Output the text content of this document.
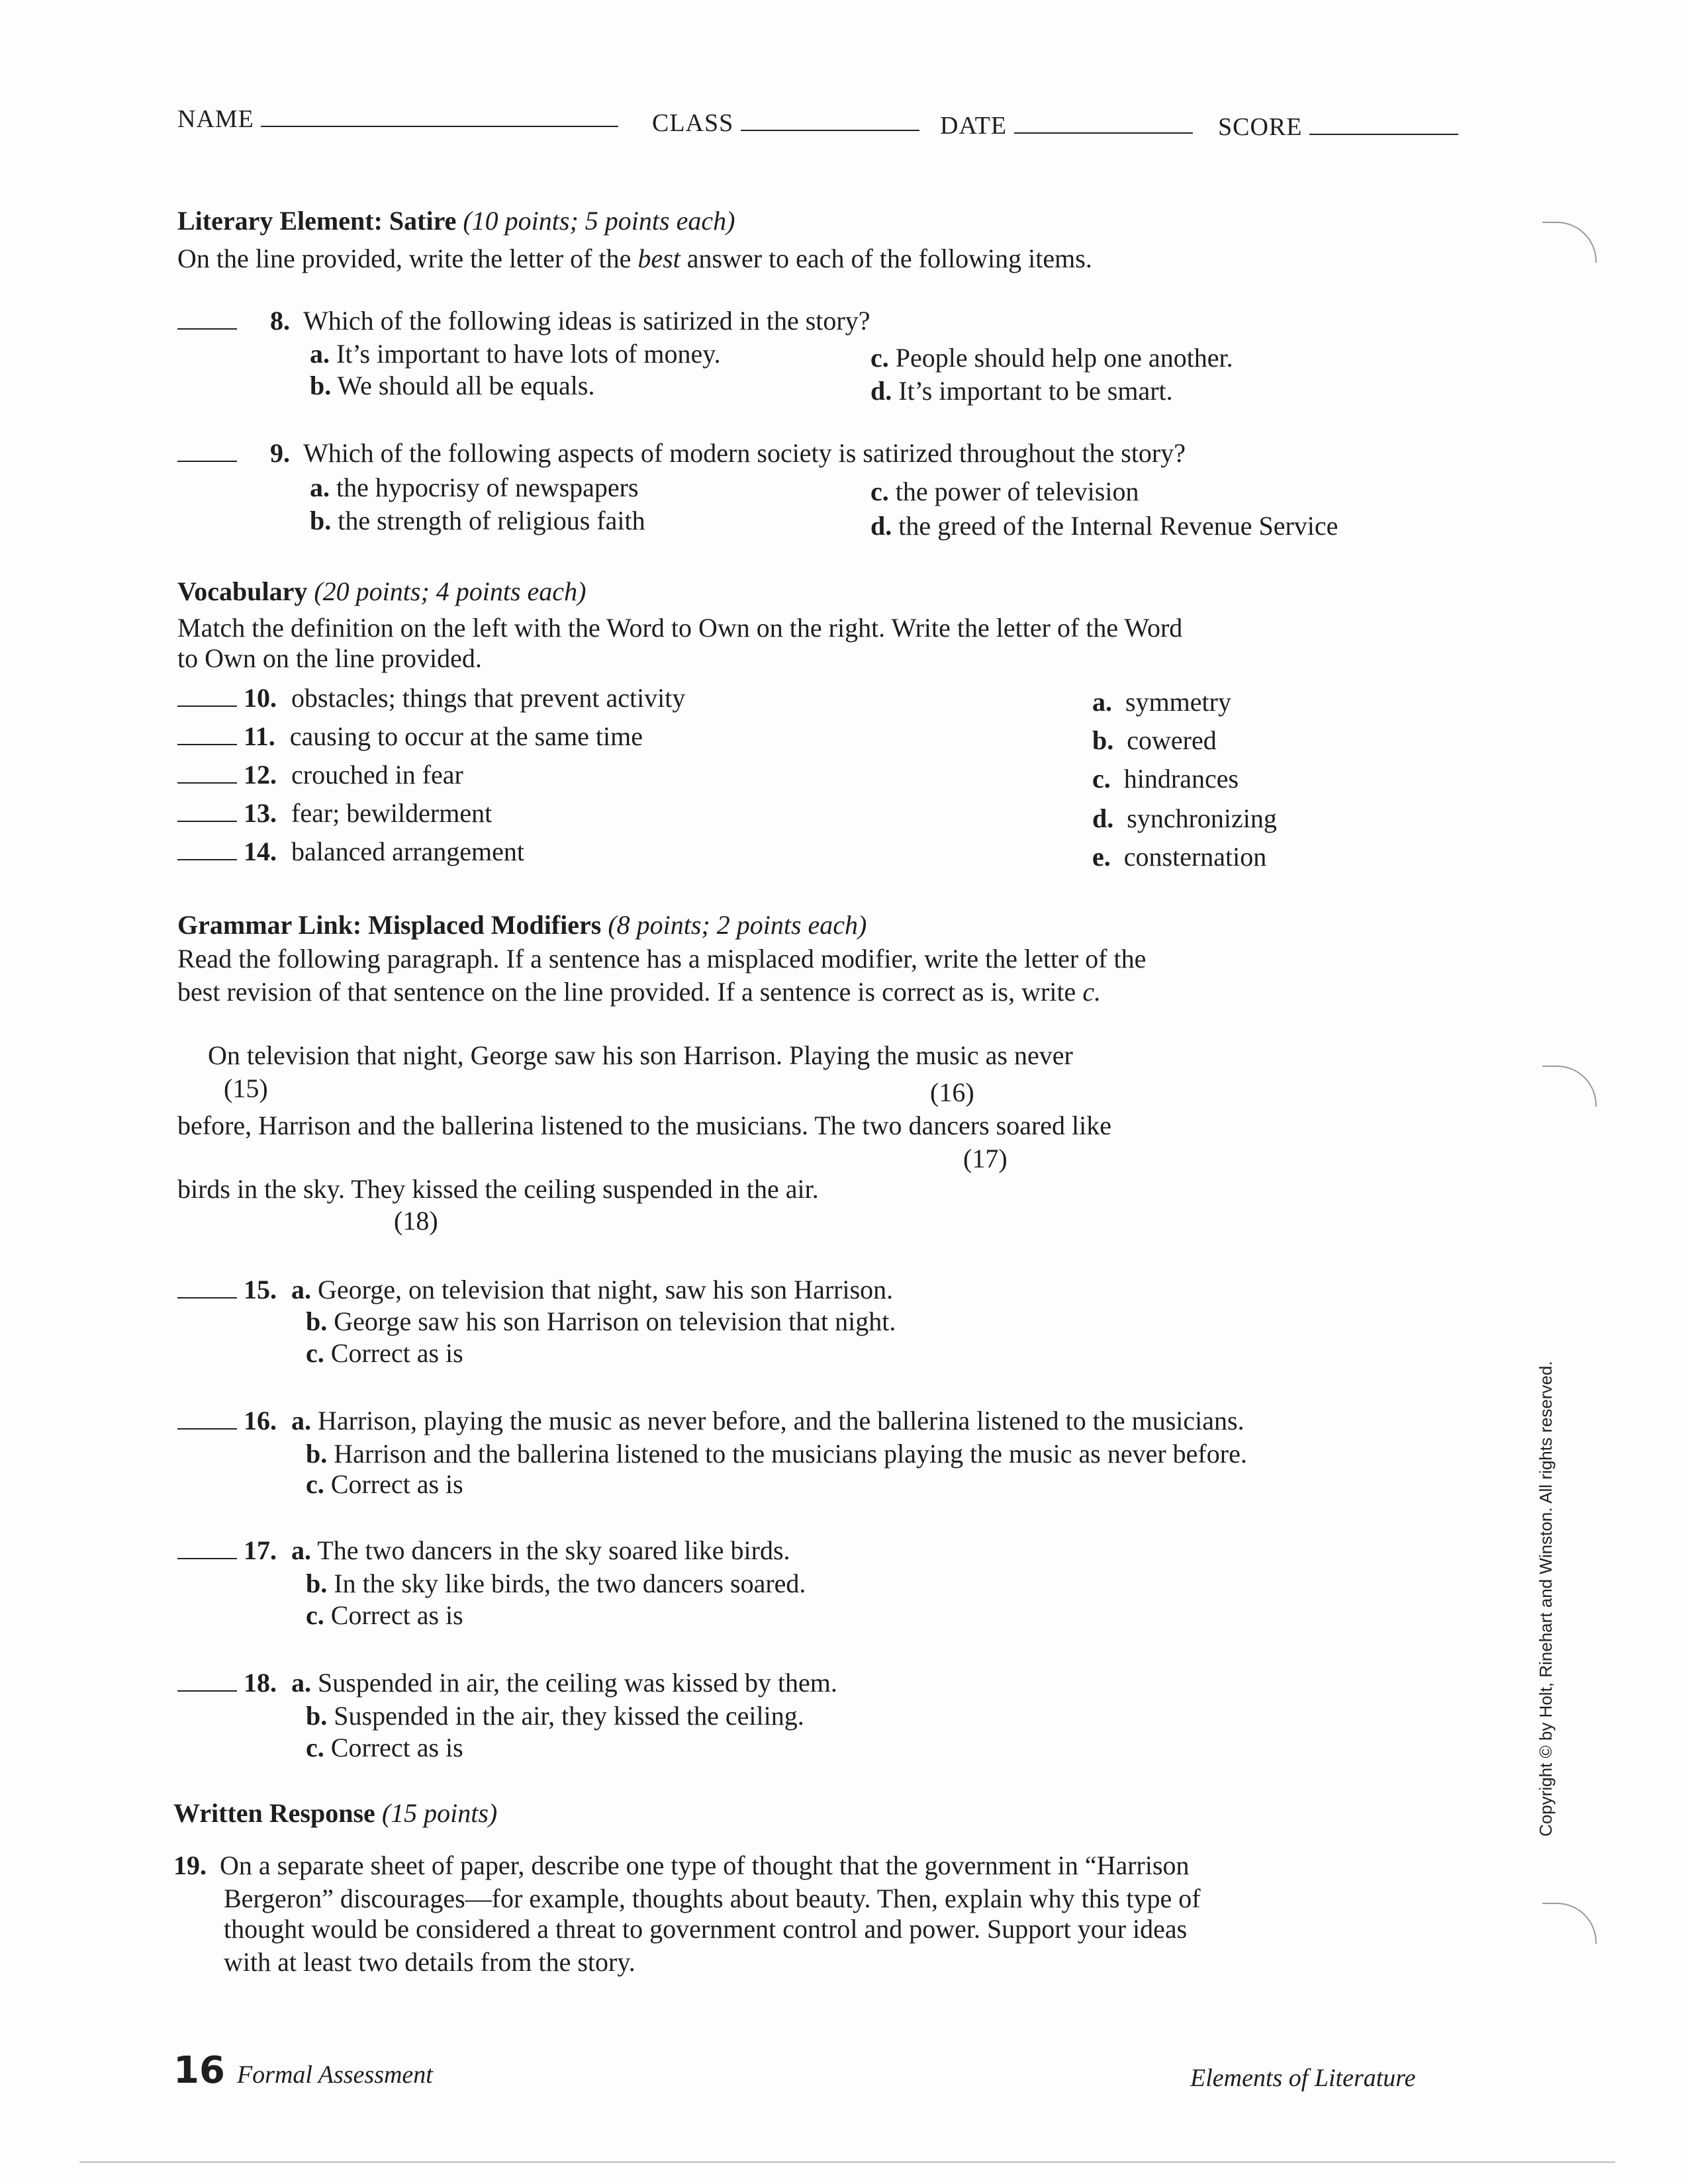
NAME	CLASS	DATE	SCORE
Literary Element: Satire (10 points; 5 points each)
On the line provided, write the letter of the best answer to each of the following items.
8. Which of the following ideas is satirized in the story?
a. It’s important to have lots of money.
b. We should all be equals.
c. People should help one another.
d. It’s important to be smart.
9. Which of the following aspects of modern society is satirized throughout the story?
a. the hypocrisy of newspapers
b. the strength of religious faith
c. the power of television
d. the greed of the Internal Revenue Service
Vocabulary (20 points; 4 points each)
Match the definition on the left with the Word to Own on the right. Write the letter of the Word
to Own on the line provided.
10. obstacles; things that prevent activity
11. causing to occur at the same time
12. crouched in fear
13. fear; bewilderment
14. balanced arrangement
a. symmetry
b. cowered
c. hindrances
d. synchronizing
e. consternation
Grammar Link: Misplaced Modifiers (8 points; 2 points each)
Read the following paragraph. If a sentence has a misplaced modifier, write the letter of the
best revision of that sentence on the line provided. If a sentence is correct as is, write c.
On television that night, George saw his son Harrison. Playing the music as never
(15)	(16)
before, Harrison and the ballerina listened to the musicians. The two dancers soared like
(17)
birds in the sky. They kissed the ceiling suspended in the air.
(18)
15. a. George, on television that night, saw his son Harrison.
b. George saw his son Harrison on television that night.
c. Correct as is
16. a. Harrison, playing the music as never before, and the ballerina listened to the musicians.
b. Harrison and the ballerina listened to the musicians playing the music as never before.
c. Correct as is
17. a. The two dancers in the sky soared like birds.
b. In the sky like birds, the two dancers soared.
c. Correct as is
18. a. Suspended in air, the ceiling was kissed by them.
b. Suspended in the air, they kissed the ceiling.
c. Correct as is
Written Response (15 points)
19. On a separate sheet of paper, describe one type of thought that the government in “Harrison
Bergeron” discourages—for example, thoughts about beauty. Then, explain why this type of
thought would be considered a threat to government control and power. Support your ideas
with at least two details from the story.
16 Formal Assessment	Elements of Literature
Copyright © by Holt, Rinehart and Winston. All rights reserved.
